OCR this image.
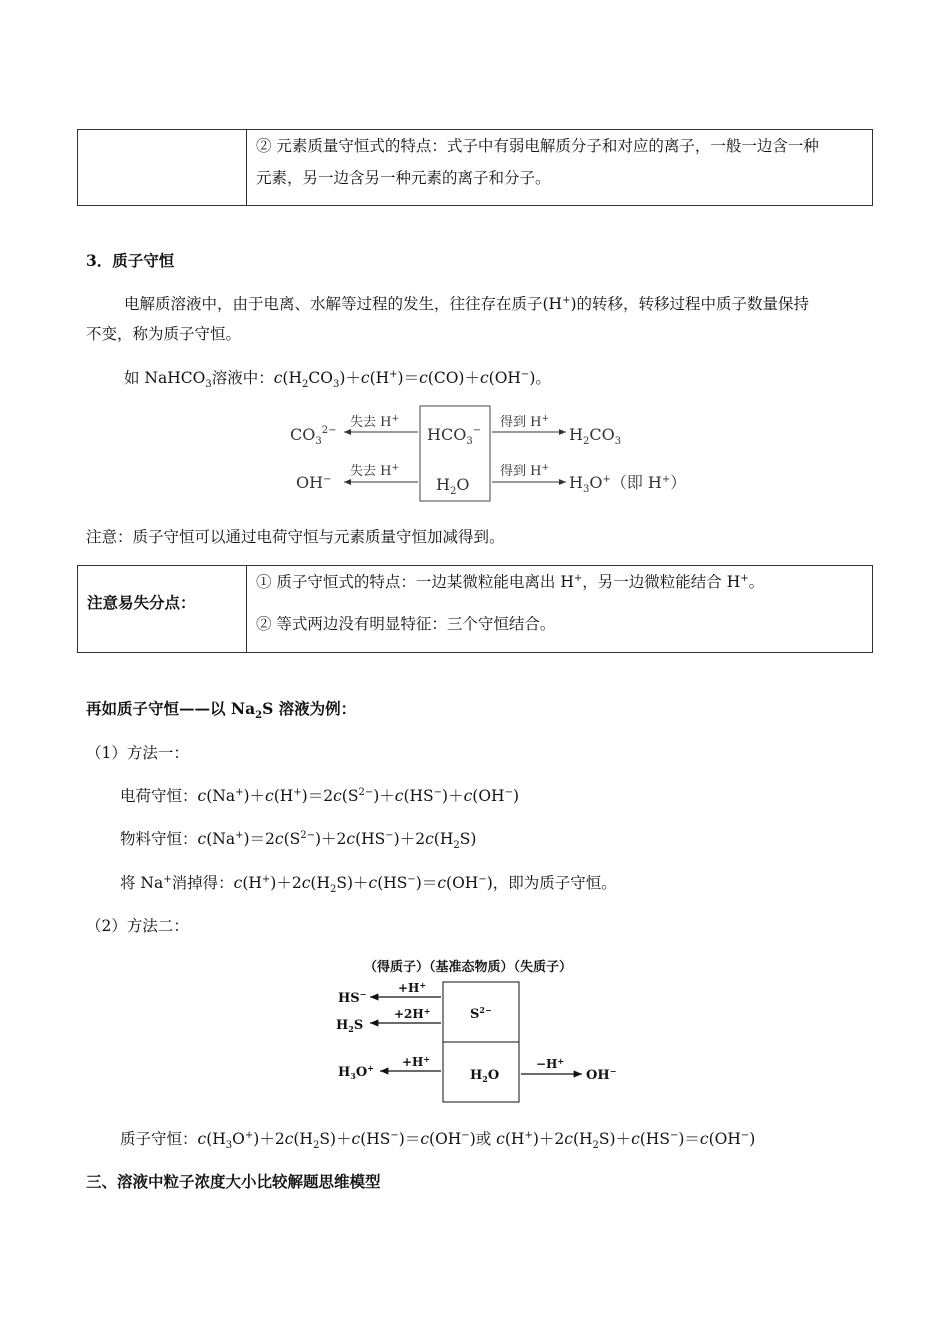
② 元素质量守恒式的特点：式子中有弱电解质分子和对应的离子，一般一边含一种
元素，另一边含另一种元素的离子和分子。
3．质子守恒
电解质溶液中，由于电离、水解等过程的发生，往往存在质子(H+)的转移，转移过程中质子数量保持
不变，称为质子守恒。
如 NaHCO$_3$溶液中：$c(H_2CO_3)+c(H^+)=c(CO)+c(OH^-)$。
$HCO_3^-$
$H_2O$
失去 H+
失去 H+
$CO_3^{2-}$
OH−
得到 H+
得到 H+
$H_2CO_3$
$H_3O^+$（即 H+）
注意：质子守恒可以通过电荷守恒与元素质量守恒加减得到。
注意易失分点：
① 质子守恒式的特点：一边某微粒能电离出 H+，另一边微粒能结合 H+。
② 等式两边没有明显特征：三个守恒结合。
再如质子守恒——以 $Na_2S$ 溶液为例：
（1）方法一：
电荷守恒：$c(Na^+)+c(H^+)=2c(S^{2-})+c(HS^-)+c(OH^-)$
物料守恒：$c(Na^+)=2c(S^{2-})+2c(HS^-)+2c(H_2S)$
将 Na+消掉得：$c(H^+)+2c(H_2S)+c(HS^-)=c(OH^-)$，即为质子守恒。
（2）方法二：
（得质子）（基准态物质）（失质子）
$S^{2-}$
$H_2O$
+H+
HS−
+2H+
$H_2S$
+H+
$H_3O^+$	−H+
OH−
质子守恒：$c(H_3O^+)+2c(H_2S)+c(HS^-)=c(OH^-)$或 $c(H^+)+2c(H_2S)+c(HS^-)=c(OH^-)$
三、溶液中粒子浓度大小比较解题思维模型
